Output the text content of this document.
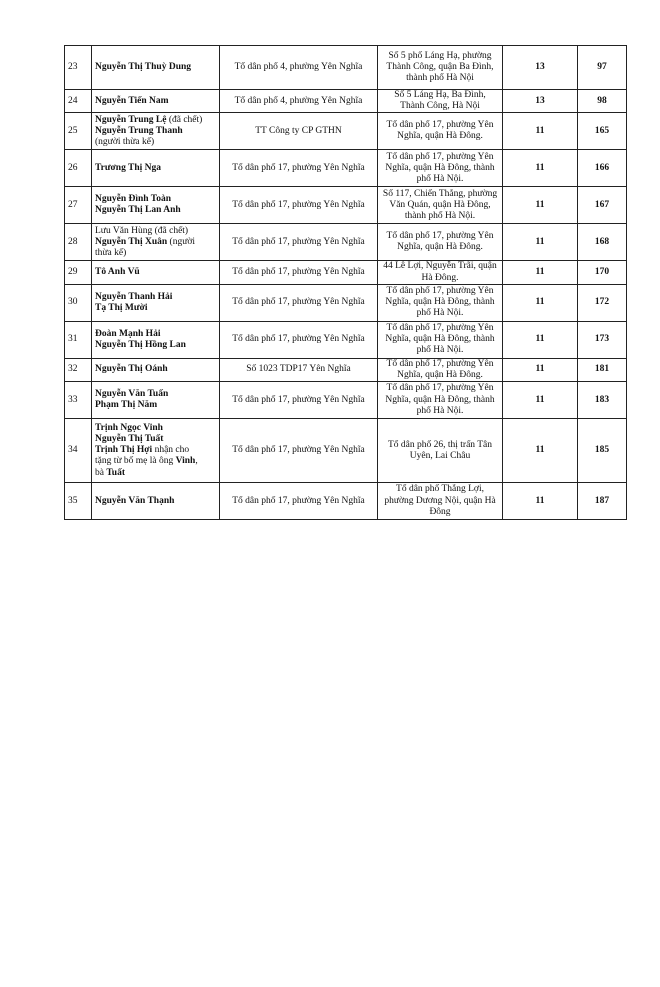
23	Nguyễn Thị Thuỳ Dung	Tổ dân phố 4, phường Yên Nghĩa	Số 5 phố Láng Hạ, phường Thành Công, quận Ba Đình, thành phố Hà Nội	13	97
24	Nguyễn Tiến Nam	Tổ dân phố 4, phường Yên Nghĩa	Số 5 Láng Hạ, Ba Đình, Thành Công, Hà Nội	13	98
25	Nguyễn Trung Lệ (đã chết)
Nguyễn Trung Thanh
(người thừa kế)	TT Công ty CP GTHN	Tổ dân phố 17, phường Yên Nghĩa, quận Hà Đông.	11	165
26	Trương Thị Nga	Tổ dân phố 17, phường Yên Nghĩa	Tổ dân phố 17, phường Yên Nghĩa, quận Hà Đông, thành phố Hà Nội.	11	166
27	Nguyễn Đình Toàn
Nguyễn Thị Lan Anh	Tổ dân phố 17, phường Yên Nghĩa	Số 117, Chiến Thắng, phường Văn Quán, quận Hà Đông, thành phố Hà Nội.	11	167
28	Lưu Văn Hùng (đã chết)
Nguyễn Thị Xuân (người
thừa kế)	Tổ dân phố 17, phường Yên Nghĩa	Tổ dân phố 17, phường Yên Nghĩa, quận Hà Đông.	11	168
29	Tô Anh Vũ	Tổ dân phố 17, phường Yên Nghĩa	44 Lê Lợi, Nguyễn Trãi, quận Hà Đông.	11	170
30	Nguyễn Thanh Hải
Tạ Thị Mười	Tổ dân phố 17, phường Yên Nghĩa	Tổ dân phố 17, phường Yên Nghĩa, quận Hà Đông, thành phố Hà Nội.	11	172
31	Đoàn Mạnh Hải
Nguyễn Thị Hồng Lan	Tổ dân phố 17, phường Yên Nghĩa	Tổ dân phố 17, phường Yên Nghĩa, quận Hà Đông, thành phố Hà Nội.	11	173
32	Nguyễn Thị Oánh	Số 1023 TDP17 Yên Nghĩa	Tổ dân phố 17, phường Yên Nghĩa, quận Hà Đông.	11	181
33	Nguyễn Văn Tuấn
Phạm Thị Năm	Tổ dân phố 17, phường Yên Nghĩa	Tổ dân phố 17, phường Yên Nghĩa, quận Hà Đông, thành phố Hà Nội.	11	183
34	Trịnh Ngọc Vinh
Nguyễn Thị Tuất
Trịnh Thị Hợi nhận cho
tặng từ bố mẹ là ông Vinh,
bà Tuất	Tổ dân phố 17, phường Yên Nghĩa	Tổ dân phố 26, thị trấn Tân Uyên, Lai Châu	11	185
35	Nguyễn Văn Thạnh	Tổ dân phố 17, phường Yên Nghĩa	Tổ dân phố Thắng Lợi, phường Dương Nội, quận Hà Đông	11	187
